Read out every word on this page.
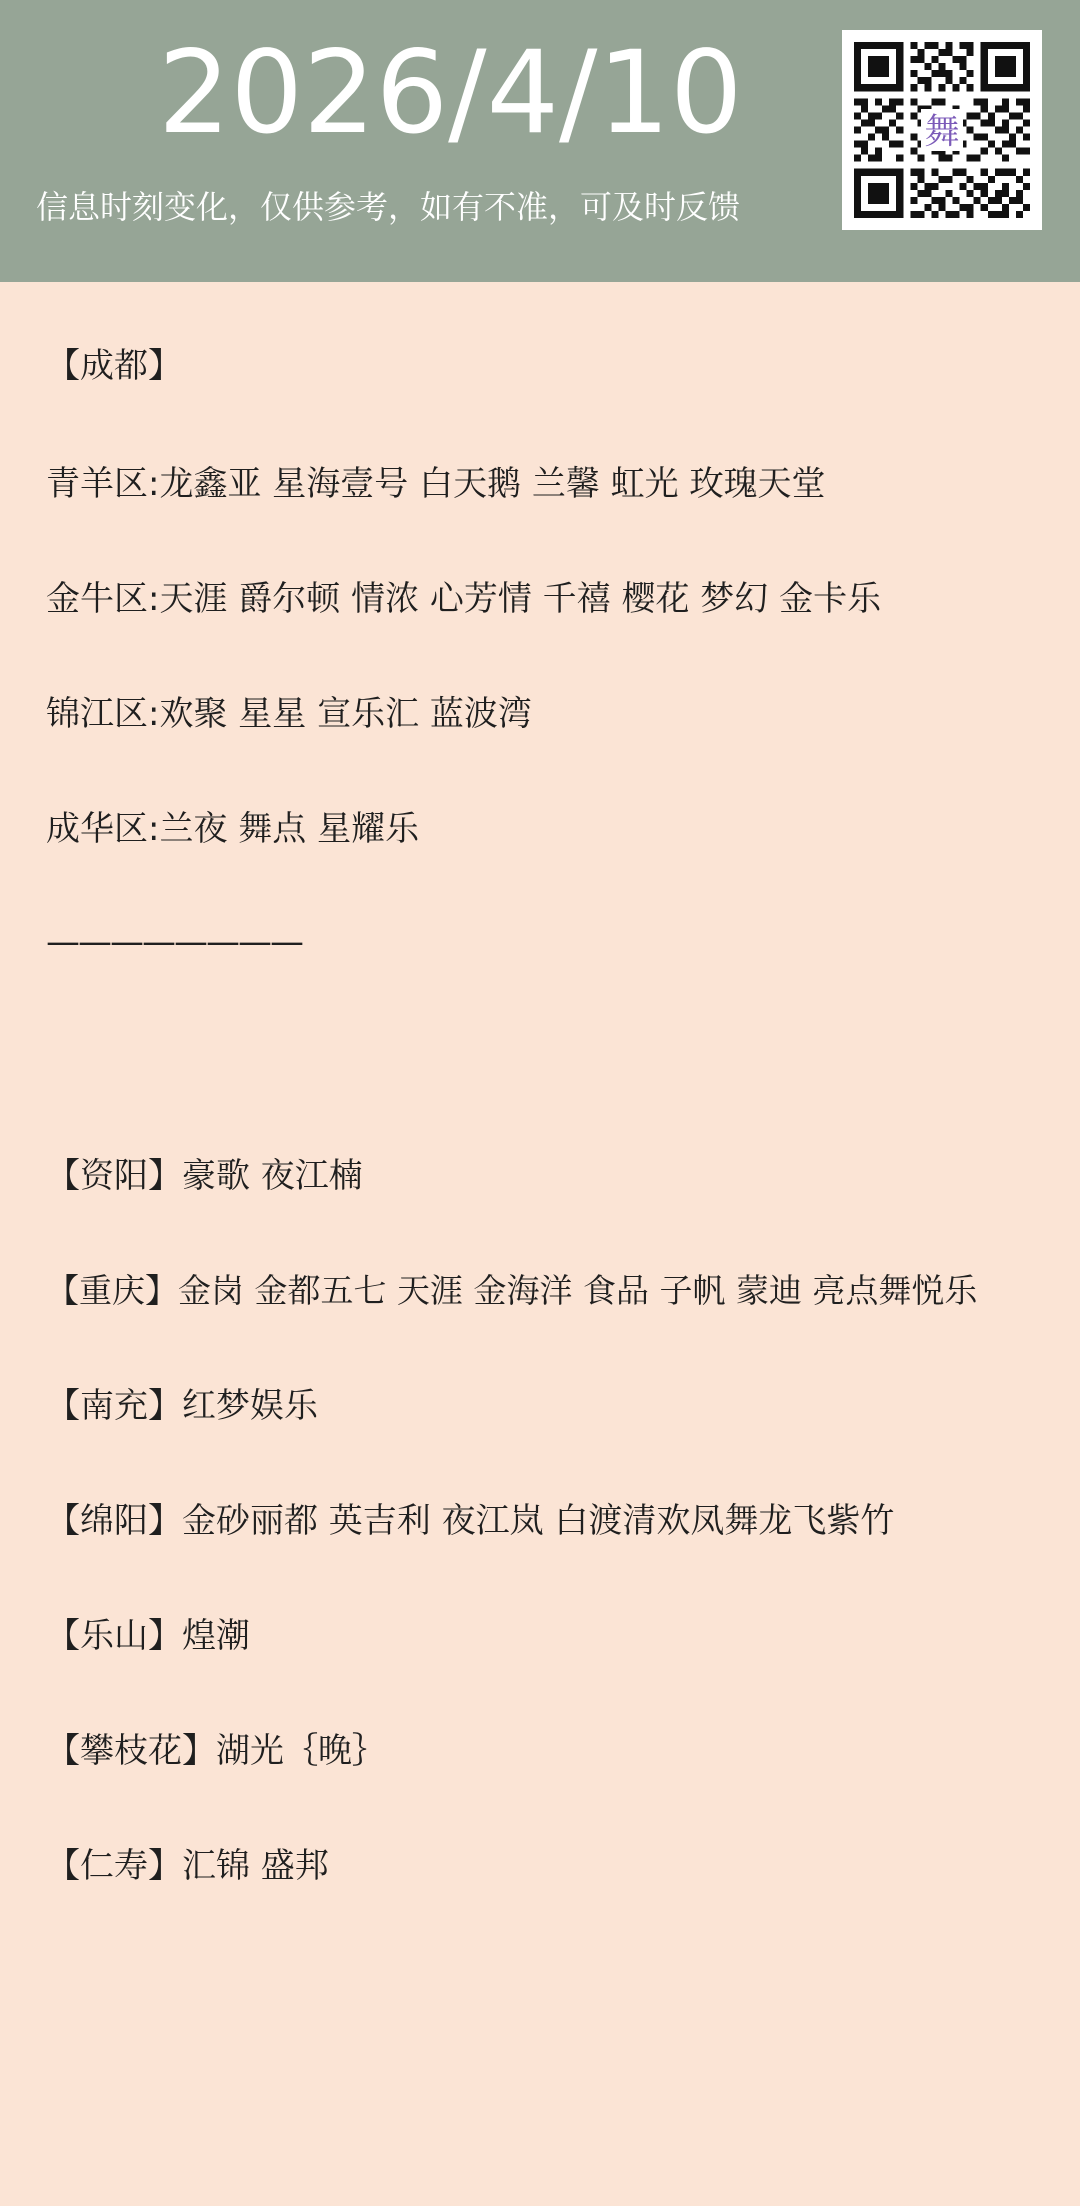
2026/4/10
信息时刻变化，仅供参考，如有不准，可及时反馈
舞
【成都】
青羊区:龙鑫亚 星海壹号 白天鹅 兰馨 虹光 玫瑰天堂
金牛区:天涯 爵尔顿 情浓 心芳情 千禧 樱花 梦幻 金卡乐
锦江区:欢聚 星星 宣乐汇 蓝波湾
成华区:兰夜 舞点 星耀乐
————————
【资阳】豪歌 夜江楠
【重庆】金岗 金都五七 天涯 金海洋 食品 子帆 蒙迪 亮点舞悦乐
【南充】红梦娱乐
【绵阳】金砂丽都 英吉利 夜江岚 白渡清欢凤舞龙飞紫竹
【乐山】煌潮
【攀枝花】湖光｛晚｝
【仁寿】汇锦 盛邦
